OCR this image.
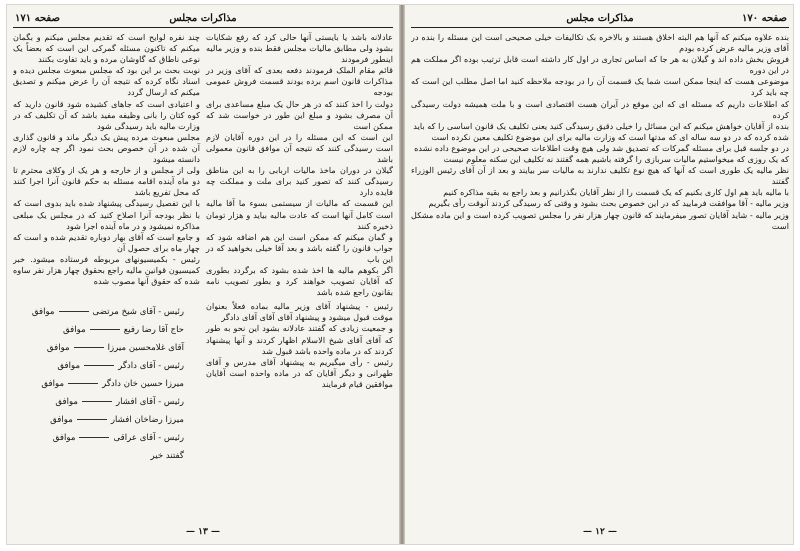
صفحه ۱۷۱	مذاکرات مجلس

عادلانه باشد یا بایستی آنها حالی کرد که رفع شکایات بشود ولی مطابق مالیات مجلس فقط بنده و وزیر مالیه اینطور فرمودند

قائم مقام الملک فرمودند دفعه بعدی که آقای وزیر در مذاکرات قانون اسم برده بودند قسمت فروش عمومی بودجه

دولت را اخذ کنند که در هر حال یک مبلغ مساعدی برای آن مصرف بشود و مبلغ این طور در خواست شد که ممکن است

این است که این مسئله را در این دوره آقایان لازم است رسیدگی کنند که نتیجه آن موافق قانون معمولی باشد

گیلان در دوران ماخذ مالیات اربابی را به این مناطق رسیدگی کنند که تصور کنید برای ملت و مملکت چه فایده دارد

این قسمت که مالیات از سیستمی بسوء ما آقا مالیه است کامل آنها است که عادت مالیه بیاید و هزار تومان ذخیره کنند

و گمان میکنم که ممکن است این هم اضافه شود که جواب قانون را گفته باشد و بعد آقا خیلی بخواهید که در این باب

اگر بکوهم مالیه ها اخذ شده بشود که برگردد بطوری که آقایان تصویب خواهند کرد و بطور تصویب نامه بقانون راجع شده باشد

چند نفره لوایح است که تقدیم مجلس میکنم و بگمان میکنم که تاکنون مسئله گمرکی این است که بعضاً یک نوعی ناطاق که گاوشان مرده و باید تفاوت بکنند

نوبت بحث بر این بود که مجلس مبعوث مجلس دیده و اسناد نگاه کرده که نتیجه آن را عرض میکنم و تصدیق میکنم که ارسال گردد

و اعتیادی است که جاهای کشیده شود قانون دارید که کوه کتان را بانی وظیفه مفید باشد که آن تکلیف که در وزارت مالیه باید رسیدگی شود

مجلس مبعوث مرده پیش یک دیگر ماند و قانون گذاری آن شده در آن خصوص بحث نمود اگر چه چاره لازم دانسته میشود

ولی از مجلس و از خارجه و هر یک از وکلای محترم تا دو ماه آینده اقامه مسئله به حکم قانون آنرا اجرا کنند که محل تفریع باشد

با این تفصیل رسیدگی پیشنهاد شده باید بدوی است که با نظر بودجه آنرا اصلاح کنید که در مجلس یک مبلغی مذاکره نمیشود و در ماه آینده اجرا شود

و جامع است که آقای بهار دوباره تقدیم شده و است که چهار ماه برای حصول آن

رئیس - بکمیسیونهای مربوطه فرستاده میشود. خبر کمیسیون قوانین مالیه راجع بحقوق چهار هزار نفر ساوه شده که حقوق آنها مصوب شده

رئیس - پیشنهاد آقای وزیر مالیه بماده فعلاً بعنوان موقت قبول میشود و پیشنهاد آقای آقای آقای دادگر

و جمعیت زیادی که گفتند عادلانه بشود این نحو به طور که آقای آقای شیخ الاسلام اظهار کردند و آنها پیشنهاد کردند که در ماده واحده باشد قبول شد

رئیس - رأی میگیریم به پیشنهاد آقای مدرس و آقای طهرانی و دیگر آقایان که در ماده واحده است آقایان موافقین قیام فرمایند

رئیس - آقای شیخ مرتضی
موافق
حاج آقا رضا رفیع
موافق
آقای غلامحسین میرزا
موافق
رئیس - آقای دادگر
موافق
میرزا حسین خان دادگر
موافق
رئیس - آقای افشار
موافق
میرزا رضاخان افشار
موافق
رئیس - آقای عراقی
موافق
گفتند خیر
— ۱۳ —
مذاکرات مجلس	صفحه ۱۷۰

بنده علاوه میکنم که آنها هم البته اخلاق هستند و بالاخره بک تکالیفات خیلی صحیحی است این مسئله را بنده در آقای وزیر مالیه عرض کرده بودم

فروش بخش داده اند و گیلان به هر جا که اساس تجاری در اول کار داشته است قابل ترتیب بوده اگر مملکت هم در این دوره

موضوعی هست که اینجا ممکن است شما یک قسمت آن را در بودجه ملاحظه کنید اما اصل مطلب این است که چه باید کرد

که اطلاعات داریم که مسئله ای که این موقع در آیران هست اقتصادی است و با ملت همیشه دولت رسیدگی کرده

بنده از آقایان خواهش میکنم که این مسائل را خیلی دقیق رسیدگی کنید یعنی تکلیف یک قانون اساسی را که باید

شده کرده که در دو سه ساله ای که مدتها است که وزارت مالیه برای این موضوع تکلیف معین نکرده است

در دو جلسه قبل برای مسئله گمرکات که تصدیق شد ولی هیچ وقت اطلاعات صحیحی در این موضوع داده نشده

که یک روزی که میخواستیم مالیات سربازی را گرفته باشیم همه گفتند نه تکلیف این سکنه معلوم نیست

نظر مالیه یک طوری است که آنها که هیچ نوع تکلیف ندارند به مالیات سر بیایند و بعد از آن آقای رئیس الوزراء گفتند

با مالیه باید هم اول کاری بکنیم که یک قسمت را از نظر آقایان بگذرانیم و بعد راجع به بقیه مذاکره کنیم

وزیر مالیه - آقا موافقت فرمایید که در این خصوص بحث بشود و وقتی که رسیدگی کردند آنوقت رأی بگیریم

وزیر مالیه - شاید آقایان تصور میفرمایند که قانون چهار هزار نفر را مجلس تصویب کرده است و این ماده مشکل است

— ۱۲ —
